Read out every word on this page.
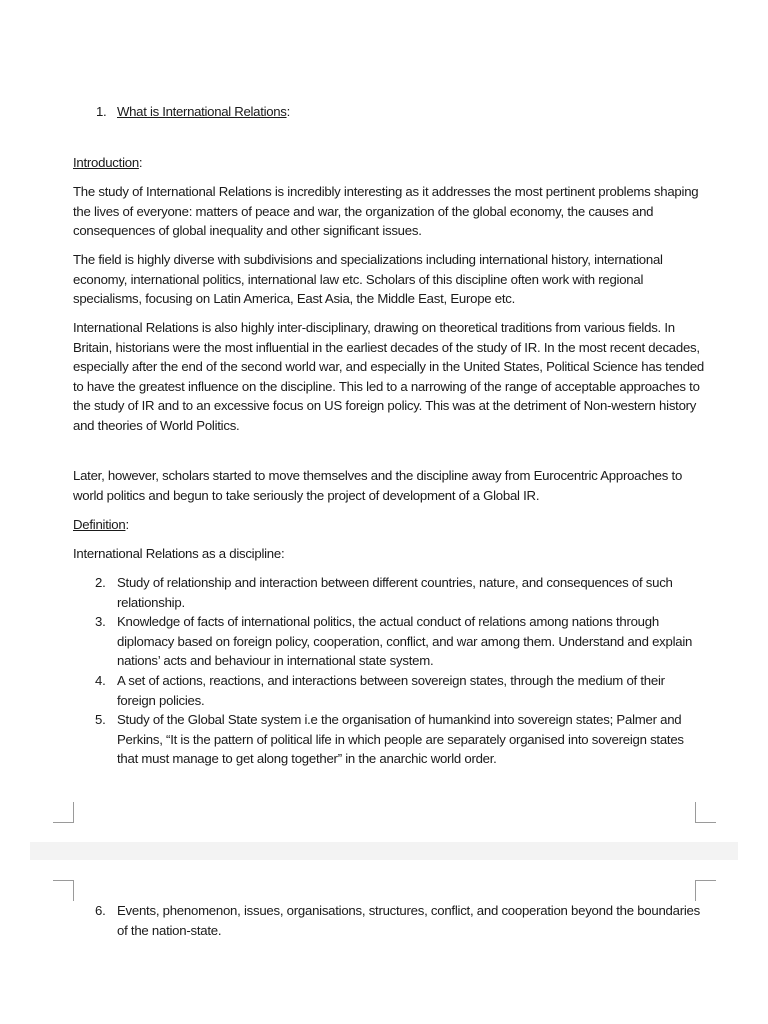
1. What is International Relations:
Introduction:

The study of International Relations is incredibly interesting as it addresses the most pertinent problems shaping the lives of everyone: matters of peace and war, the organization of the global economy, the causes and consequences of global inequality and other significant issues.

The field is highly diverse with subdivisions and specializations including international history, international economy, international politics, international law etc. Scholars of this discipline often work with regional specialisms, focusing on Latin America, East Asia, the Middle East, Europe etc.

International Relations is also highly inter-disciplinary, drawing on theoretical traditions from various fields. In Britain, historians were the most influential in the earliest decades of the study of IR. In the most recent decades, especially after the end of the second world war, and especially in the United States, Political Science has tended to have the greatest influence on the discipline. This led to a narrowing of the range of acceptable approaches to the study of IR and to an excessive focus on US foreign policy. This was at the detriment of Non-western history and theories of World Politics.

Later, however, scholars started to move themselves and the discipline away from Eurocentric Approaches to world politics and begun to take seriously the project of development of a Global IR.

Definition:

International Relations as a discipline:

2. Study of relationship and interaction between different countries, nature, and consequences of such relationship.
3. Knowledge of facts of international politics, the actual conduct of relations among nations through diplomacy based on foreign policy, cooperation, conflict, and war among them. Understand and explain nations’ acts and behaviour in international state system.
4. A set of actions, reactions, and interactions between sovereign states, through the medium of their foreign policies.
5. Study of the Global State system i.e the organisation of humankind into sovereign states; Palmer and Perkins, “It is the pattern of political life in which people are separately organised into sovereign states that must manage to get along together” in the anarchic world order.
6. Events, phenomenon, issues, organisations, structures, conflict, and cooperation beyond the boundaries of the nation-state.
